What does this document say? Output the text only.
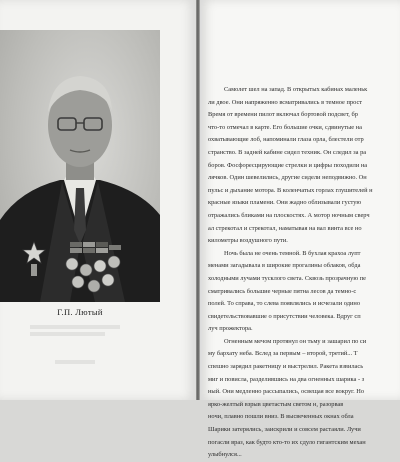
Г.П. Лютый
Самолет шел на запад. В открытых кабинах маленьк
ли двое. Они напряженно всматривались в темное прост
Время от времени пилот включал бортовой подсвет, бр
что-то отмечал в карте. Его большие очки, сдвинутые на
охватывающие лоб, напоминали глаза орла, блестели отр
странство. В задней кабине сидел техник. Он следил за ра
боров. Фосфоресцирующие стрелки и цифры походили на
лячков. Один шевелились, другие сидели неподвижно. Он
пульс и дыхание мотора. В коленчатых горлах глушителей н
красные языки пламени. Они жадно облизывали густую
отражались бликами на плоскостях. А мотор ночным сверч
ал стрекотал и стрекотал, наматывая на вал винта все но
километры воздушного пути.
Ночь была не очень темной. В бухлая крахоа лупт
менами загадывала в широкие прогалины облаков, обда
холодными лучами тусклого света. Сквозь прозрачную пе
сматривались большие черные пятна лесов да темно-с
полей. То справа, то слева появлялись и исчезали одино
свидетельствовавшие о присутствии человека. Вдруг сп
луч прожектора.
Огненным мечом протянул он тьму и зашарил по си
му бархату неба. Вслед за первым – второй, третий... Т
спешно зарядил ракетницу и выстрелил. Ракета взвилась
миг и повисла, разделившись на два огненных шарика - з
ный. Они медленно рассыпались, освещая все вокруг. Но
ярко-желтый взрыв цветастым светом н, разорвав
ночи, плавно пошли вниз. В высвеченных окнах обла
Шарики затерялись, заискрили и совсем растаяли. Лучи
погасли враз, как будто кто-то их сдуло гигантским механ
улыбнулся...
